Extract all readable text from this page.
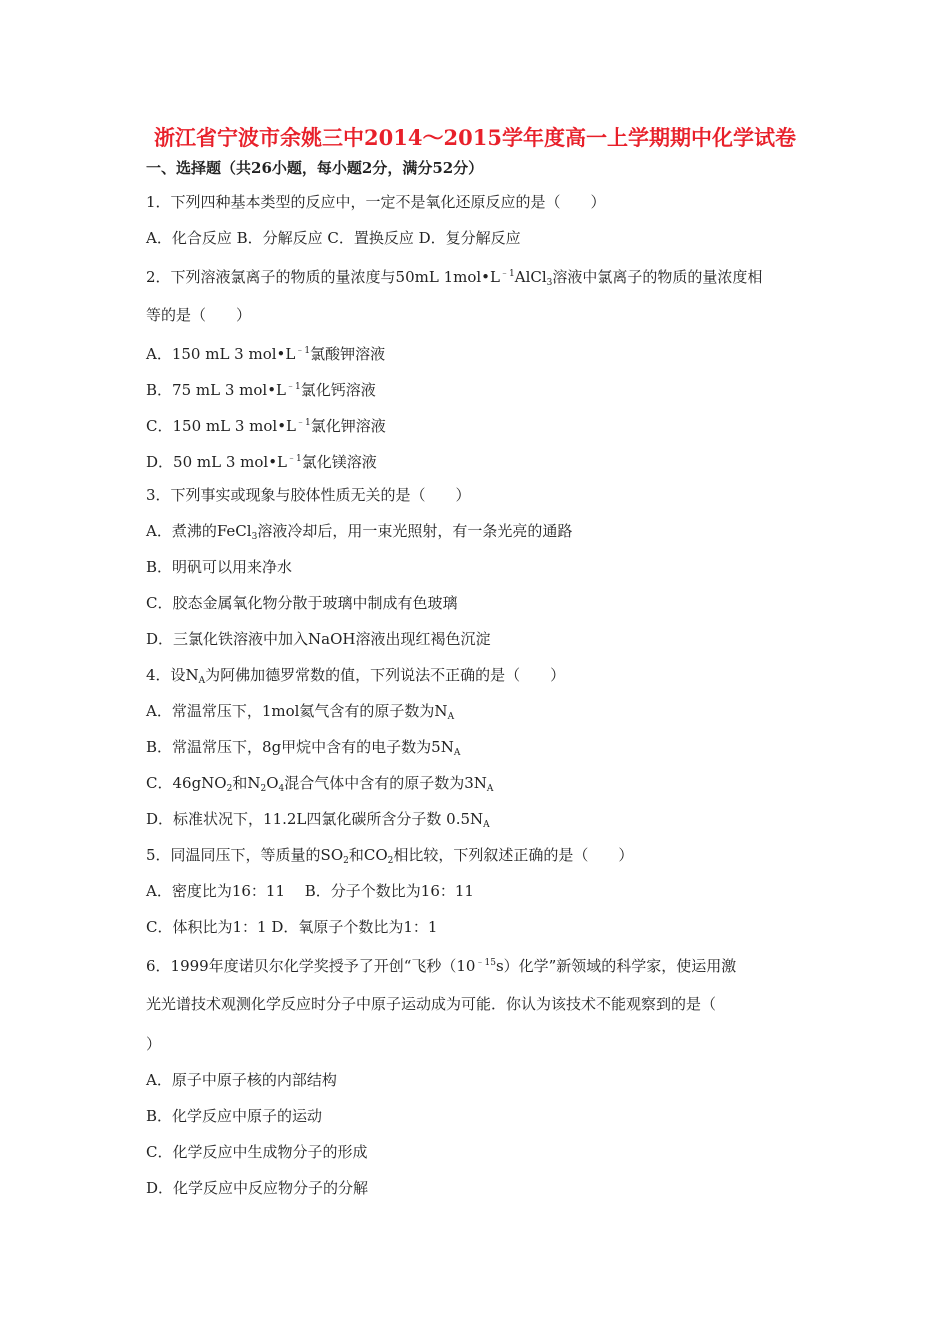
浙江省宁波市余姚三中2014～2015学年度高一上学期期中化学试卷
一、选择题（共26小题，每小题2分，满分52分）
1．下列四种基本类型的反应中，一定不是氧化还原反应的是（　　）
A．化合反应 B．分解反应 C．置换反应 D．复分解反应
2．下列溶液氯离子的物质的量浓度与50mL $1mol•L^{﹣1}AlCl_3$溶液中氯离子的物质的量浓度相
等的是（　　）
A．150 mL 3 $mol•L^{﹣1}$氯酸钾溶液
B．75 mL 3 $mol•L^{﹣1}$氯化钙溶液
C．150 mL 3 $mol•L^{﹣1}$氯化钾溶液
D．50 mL 3 $mol•L^{﹣1}$氯化镁溶液
3．下列事实或现象与胶体性质无关的是（　　）
A．煮沸的FeCl$_3$溶液冷却后，用一束光照射，有一条光亮的通路
B．明矾可以用来净水
C．胶态金属氧化物分散于玻璃中制成有色玻璃
D．三氯化铁溶液中加入NaOH溶液出现红褐色沉淀
4．设$N_A$为阿佛加德罗常数的值，下列说法不正确的是（　　）
A．常温常压下，1mol氦气含有的原子数为$N_A$
B．常温常压下，8g甲烷中含有的电子数为$5N_A$
C．46gNO$_2$和$N_2O_4$混合气体中含有的原子数为$3N_A$
D．标准状况下，11.2L四氯化碳所含分子数 $0.5N_A$
5．同温同压下，等质量的$SO_2$和$CO_2$相比较，下列叙述正确的是（　　）
A．密度比为16：11　 B．分子个数比为16：11
C．体积比为1：1 D．氧原子个数比为1：1
6．1999年度诺贝尔化学奖授予了开创“飞秒$(10^{﹣15}s)$化学”新领域的科学家，使运用激
光光谱技术观测化学反应时分子中原子运动成为可能．你认为该技术不能观察到的是（
）
A．原子中原子核的内部结构
B．化学反应中原子的运动
C．化学反应中生成物分子的形成
D．化学反应中反应物分子的分解
